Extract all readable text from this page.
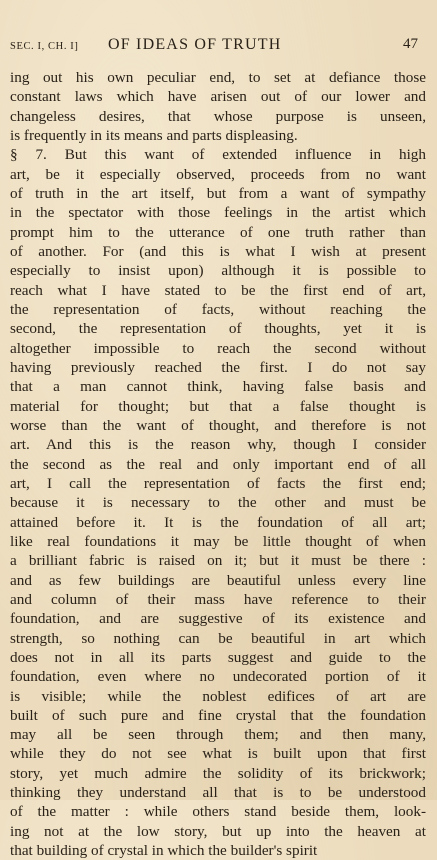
SEC. I, CH. I] OF IDEAS OF TRUTH	47
ing out his own peculiar end, to set at defiance those
constant laws which have arisen out of our lower and
changeless desires, that whose purpose is unseen,
is frequently in its means and parts displeasing.
§ 7. But this want of extended influence in high
art, be it especially observed, proceeds from no want
of truth in the art itself, but from a want of sympathy
in the spectator with those feelings in the artist which
prompt him to the utterance of one truth rather than
of another. For (and this is what I wish at present
especially to insist upon) although it is possible to
reach what I have stated to be the first end of art,
the representation of facts, without reaching the
second, the representation of thoughts, yet it is
altogether impossible to reach the second without
having previously reached the first. I do not say
that a man cannot think, having false basis and
material for thought; but that a false thought is
worse than the want of thought, and therefore is not
art. And this is the reason why, though I consider
the second as the real and only important end of all
art, I call the representation of facts the first end;
because it is necessary to the other and must be
attained before it. It is the foundation of all art;
like real foundations it may be little thought of when
a brilliant fabric is raised on it; but it must be there :
and as few buildings are beautiful unless every line
and column of their mass have reference to their
foundation, and are suggestive of its existence and
strength, so nothing can be beautiful in art which
does not in all its parts suggest and guide to the
foundation, even where no undecorated portion of it
is visible; while the noblest edifices of art are
built of such pure and fine crystal that the foundation
may all be seen through them; and then many,
while they do not see what is built upon that first
story, yet much admire the solidity of its brickwork;
thinking they understand all that is to be understood
of the matter : while others stand beside them, look-
ing not at the low story, but up into the heaven at
that building of crystal in which the builder's spirit
